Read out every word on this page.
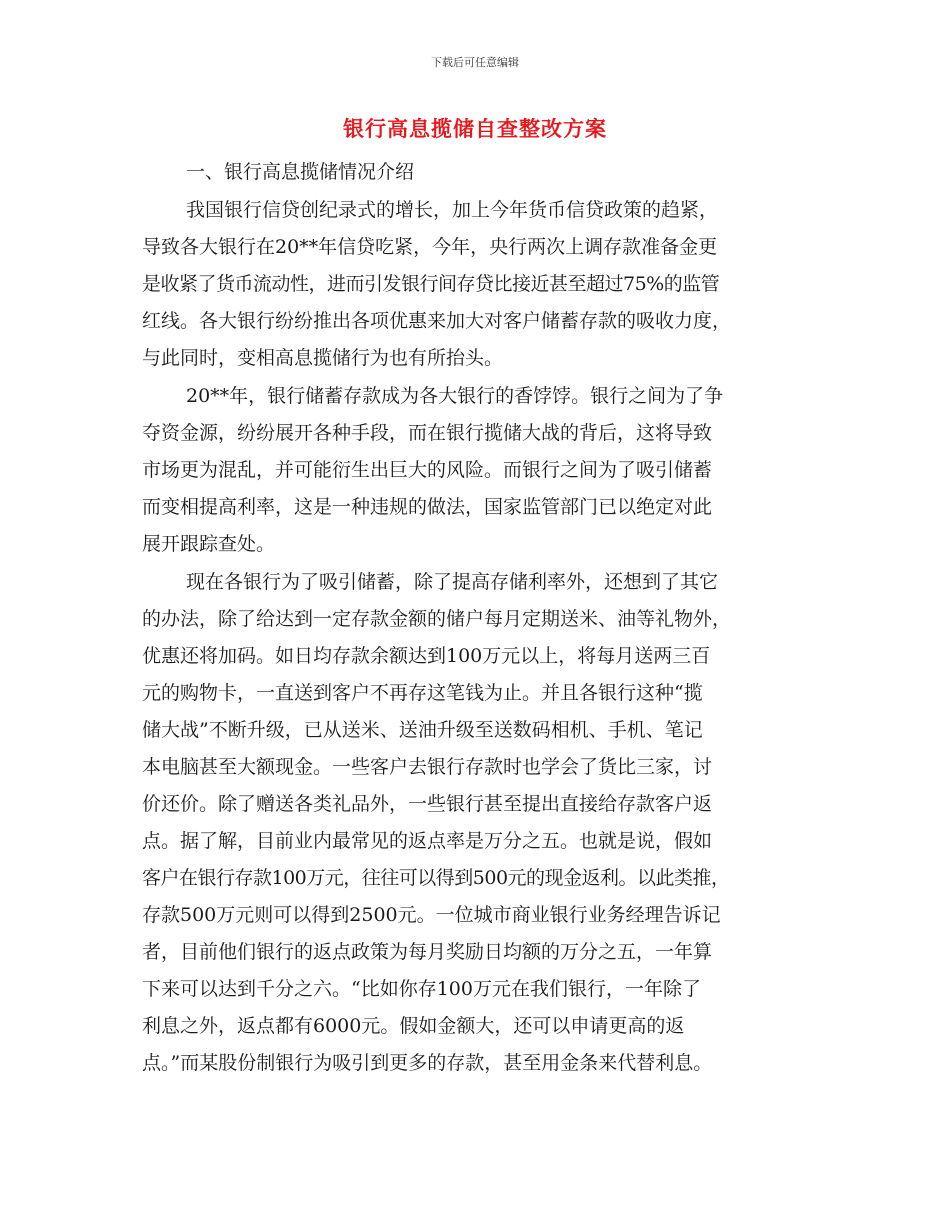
下载后可任意编辑
银行高息揽储自查整改方案
一、银行高息揽储情况介绍
我国银行信贷创纪录式的增长，加上今年货币信贷政策的趋紧，
导致各大银行在20**年信贷吃紧，今年，央行两次上调存款准备金更
是收紧了货币流动性，进而引发银行间存贷比接近甚至超过75%的监管
红线。各大银行纷纷推出各项优惠来加大对客户储蓄存款的吸收力度，
与此同时，变相高息揽储行为也有所抬头。
20**年，银行储蓄存款成为各大银行的香饽饽。银行之间为了争
夺资金源，纷纷展开各种手段，而在银行揽储大战的背后，这将导致
市场更为混乱，并可能衍生出巨大的风险。而银行之间为了吸引储蓄
而变相提高利率，这是一种违规的做法，国家监管部门已以绝定对此
展开跟踪查处。
现在各银行为了吸引储蓄，除了提高存储利率外，还想到了其它
的办法，除了给达到一定存款金额的储户每月定期送米、油等礼物外，
优惠还将加码。如日均存款余额达到100万元以上，将每月送两三百
元的购物卡，一直送到客户不再存这笔钱为止。并且各银行这种“揽
储大战”不断升级，已从送米、送油升级至送数码相机、手机、笔记
本电脑甚至大额现金。一些客户去银行存款时也学会了货比三家，讨
价还价。除了赠送各类礼品外，一些银行甚至提出直接给存款客户返
点。据了解，目前业内最常见的返点率是万分之五。也就是说，假如
客户在银行存款100万元，往往可以得到500元的现金返利。以此类推，
存款500万元则可以得到2500元。一位城市商业银行业务经理告诉记
者，目前他们银行的返点政策为每月奖励日均额的万分之五，一年算
下来可以达到千分之六。“比如你存100万元在我们银行，一年除了
利息之外，返点都有6000元。假如金额大，还可以申请更高的返
点。”而某股份制银行为吸引到更多的存款，甚至用金条来代替利息。
